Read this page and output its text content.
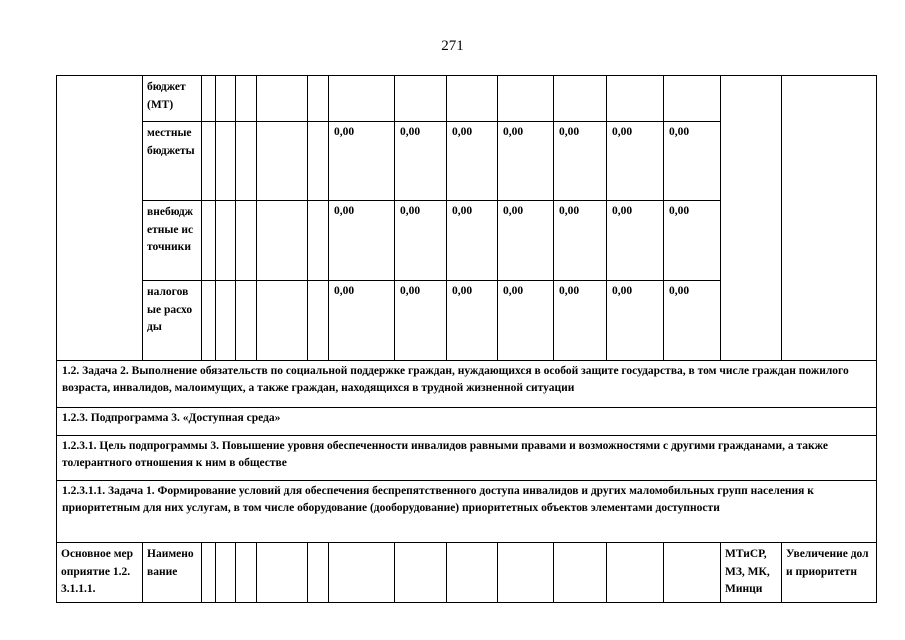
271
	бюджет (МТ)														
	местные бюджеты						0,00	0,00	0,00	0,00	0,00	0,00	0,00		
	внебюджетные источники						0,00	0,00	0,00	0,00	0,00	0,00	0,00		
	налоговые расходы						0,00	0,00	0,00	0,00	0,00	0,00	0,00		
1.2. Задача 2. Выполнение обязательств по социальной поддержке граждан, нуждающихся в особой защите государства, в том числе граждан пожилого возраста, инвалидов, малоимущих, а также граждан, находящихся в трудной жизненной ситуации															
1.2.3. Подпрограмма 3. «Доступная среда»															
1.2.3.1. Цель подпрограммы 3. Повышение уровня обеспеченности инвалидов равными правами и возможностями с другими гражданами, а также толерантного отношения к ним в обществе															
1.2.3.1.1. Задача 1. Формирование условий для обеспечения беспрепятственного доступа инвалидов и других маломобильных групп населения к приоритетным для них услугам, в том числе оборудование (дооборудование) приоритетных объектов элементами доступности															
Основное мероприятие 1.2.3.1.1.1.	Наименование													МТиСР, МЗ, МК, Минци	Увеличение доли приоритетн
